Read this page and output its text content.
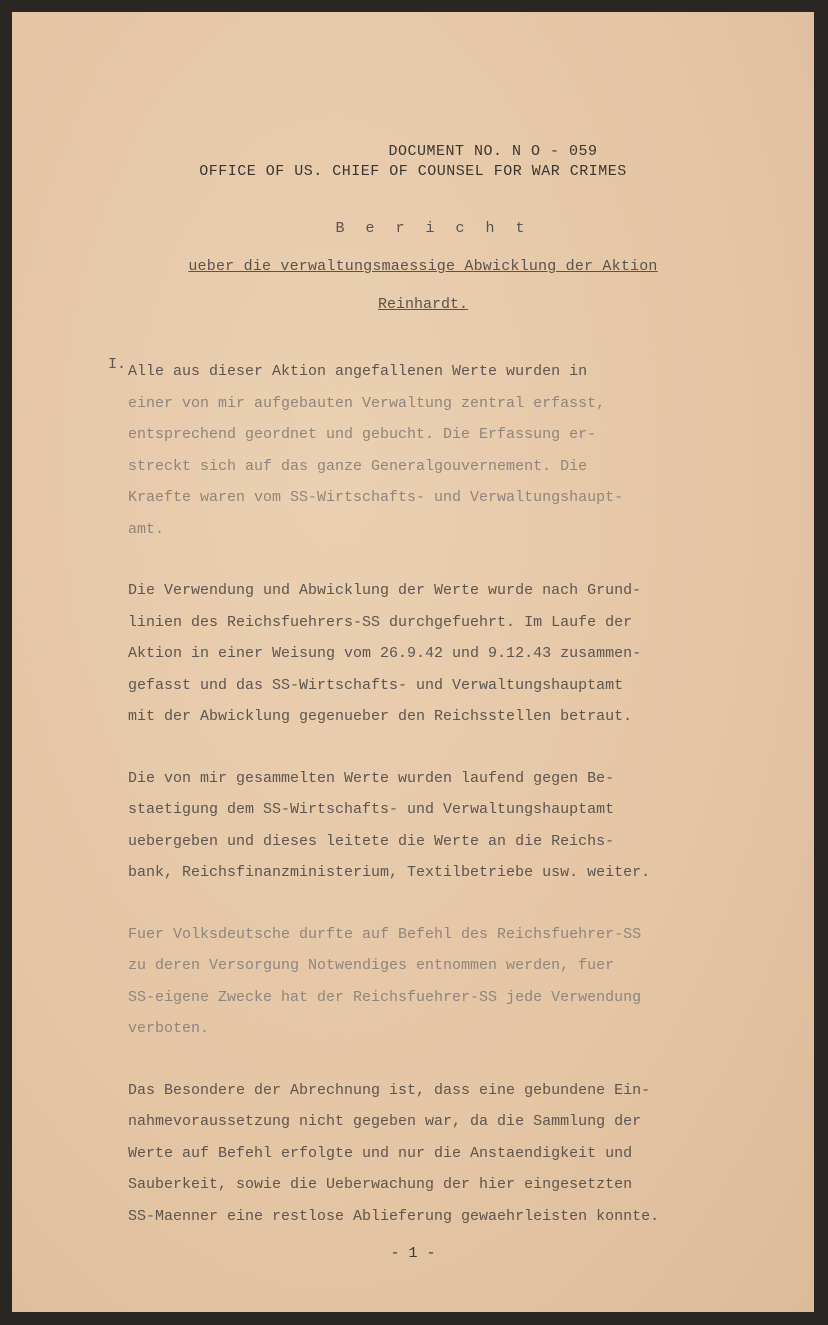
DOCUMENT NO. N O - 059
OFFICE OF US. CHIEF OF COUNSEL FOR WAR CRIMES
B e r i c h t
ueber die verwaltungsmaessige Abwicklung der Aktion
Reinhardt.
I. Alle aus dieser Aktion angefallenen Werte wurden in
einer von mir aufgebauten Verwaltung zentral erfasst,
entsprechend geordnet und gebucht. Die Erfassung er-
streckt sich auf das ganze Generalgouvernement. Die
Kraefte waren vom SS-Wirtschafts- und Verwaltungshaupt-
amt.
Die Verwendung und Abwicklung der Werte wurde nach Grund-
linien des Reichsfuehrers-SS durchgefuehrt. Im Laufe der
Aktion in einer Weisung vom 26.9.42 und 9.12.43 zusammen-
gefasst und das SS-Wirtschafts- und Verwaltungshauptamt
mit der Abwicklung gegenueber den Reichsstellen betraut.
Die von mir gesammelten Werte wurden laufend gegen Be-
staetigung dem SS-Wirtschafts- und Verwaltungshauptamt
uebergeben und dieses leitete die Werte an die Reichs-
bank, Reichsfinanzministerium, Textilbetriebe usw. weiter.
Fuer Volksdeutsche durfte auf Befehl des Reichsfuehrer-SS
zu deren Versorgung Notwendiges entnommen werden, fuer
SS-eigene Zwecke hat der Reichsfuehrer-SS jede Verwendung
verboten.
Das Besondere der Abrechnung ist, dass eine gebundene Ein-
nahmevoraussetzung nicht gegeben war, da die Sammlung der
Werte auf Befehl erfolgte und nur die Anstaendigkeit und
Sauberkeit, sowie die Ueberwachung der hier eingesetzten
SS-Maenner eine restlose Ablieferung gewaehrleisten konnte.
- 1 -
